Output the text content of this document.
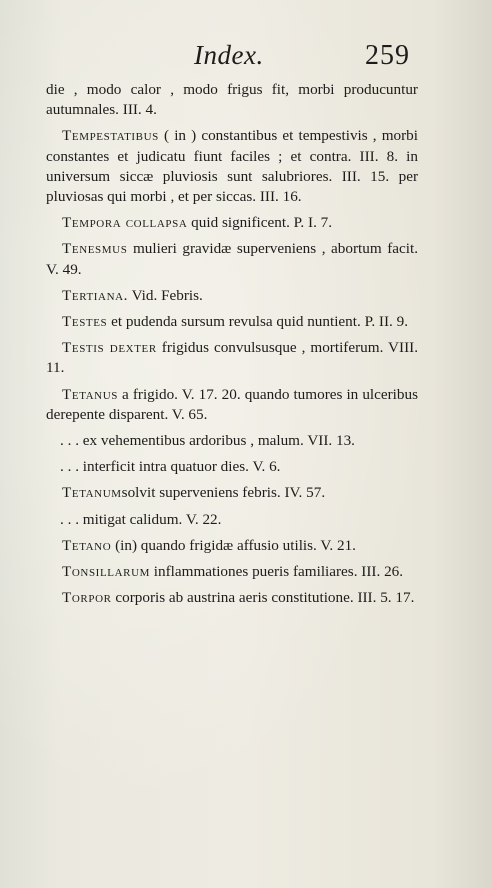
Index.	259

die , modo calor , modo frigus fit, morbi producuntur autumnales. III. 4.

Tempestatibus ( in ) constantibus et tempestivis , morbi constantes et judicatu fiunt faciles ; et contra. III. 8. in universum siccæ pluviosis sunt salubriores. III. 15. per pluviosas qui morbi , et per siccas. III. 16.

Tempora collapsa quid significent. P. I. 7.

Tenesmus mulieri gravidæ superveniens , abortum facit. V. 49.

Tertiana. Vid. Febris.

Testes et pudenda sursum revulsa quid nuntient. P. II. 9.

Testis dexter frigidus convulsusque , mortiferum. VIII. 11.

Tetanus a frigido. V. 17. 20. quando tumores in ulceribus derepente disparent. V. 65.

. . . ex vehementibus ardoribus , malum. VII. 13.

. . . interficit intra quatuor dies. V. 6.

Tetanumsolvit superveniens febris. IV. 57.

. . . mitigat calidum. V. 22.

Tetano (in) quando frigidæ affusio utilis. V. 21.

Tonsillarum inflammationes pueris familiares. III. 26.

Torpor corporis ab austrina aeris constitutione. III. 5. 17.
